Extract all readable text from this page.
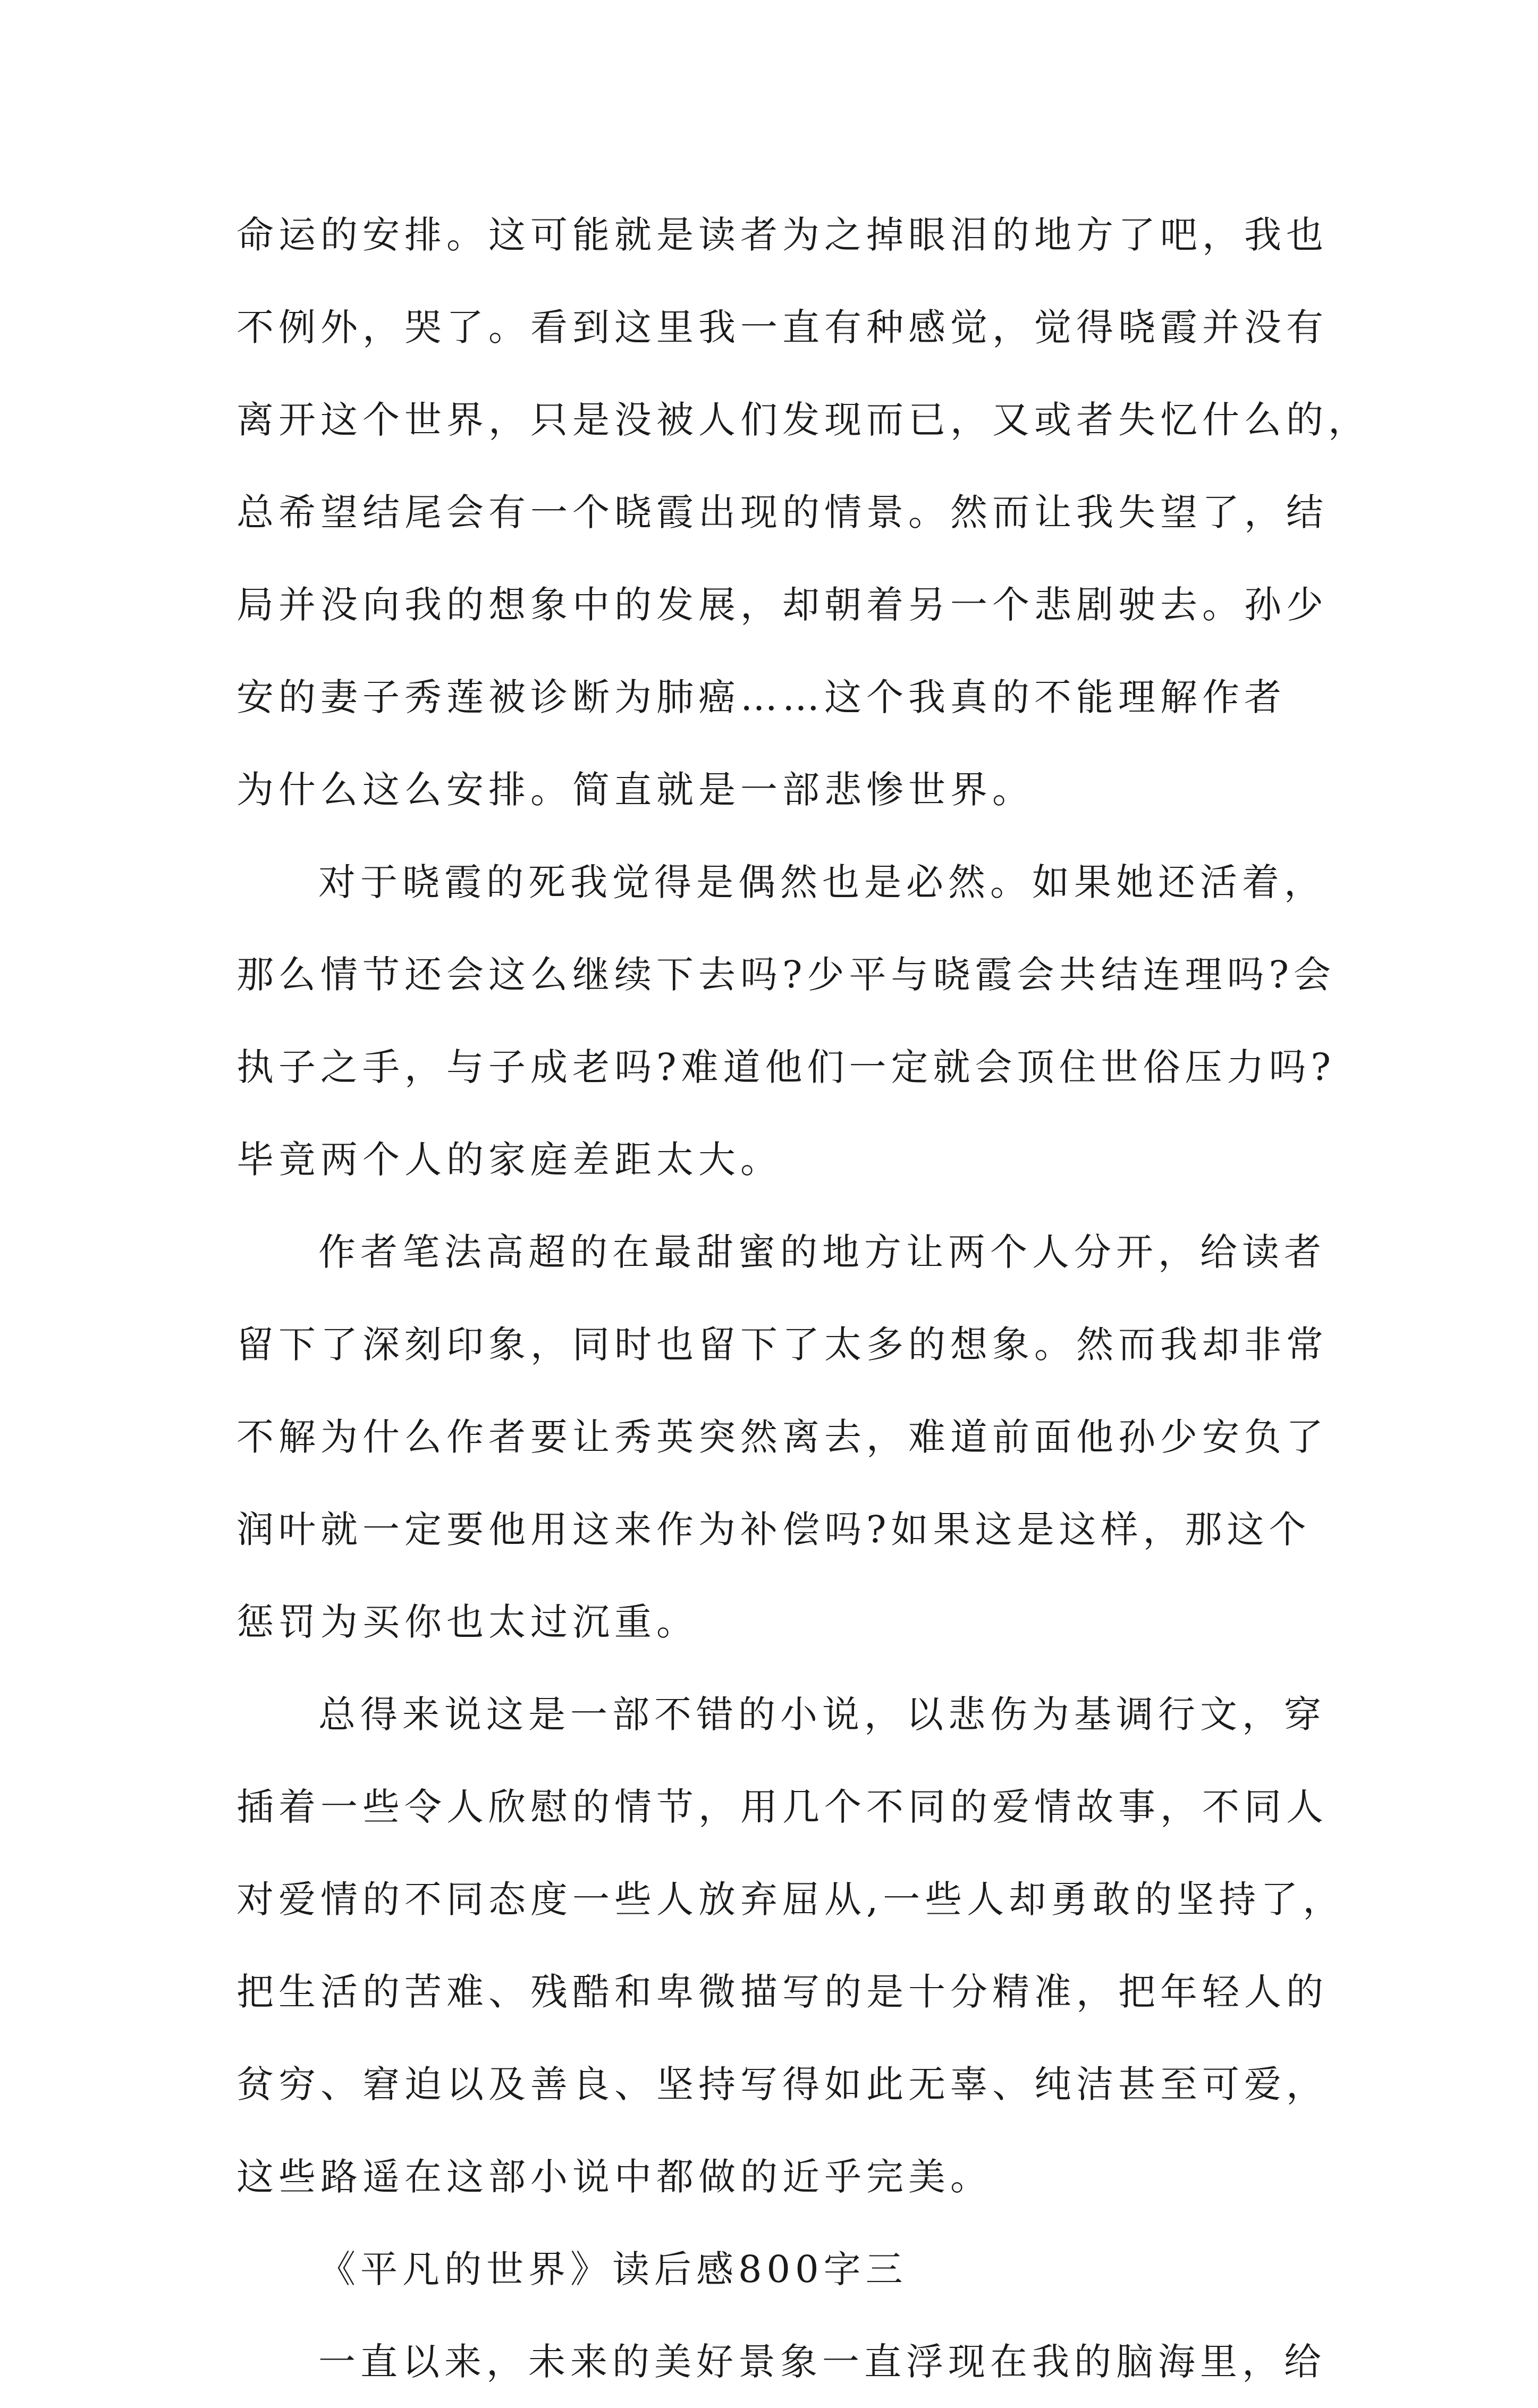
命运的安排。这可能就是读者为之掉眼泪的地方了吧，我也
不例外，哭了。看到这里我一直有种感觉，觉得晓霞并没有
离开这个世界，只是没被人们发现而已，又或者失忆什么的，
总希望结尾会有一个晓霞出现的情景。然而让我失望了，结
局并没向我的想象中的发展，却朝着另一个悲剧驶去。孙少
安的妻子秀莲被诊断为肺癌……这个我真的不能理解作者
为什么这么安排。简直就是一部悲惨世界。
对于晓霞的死我觉得是偶然也是必然。如果她还活着，
那么情节还会这么继续下去吗?少平与晓霞会共结连理吗?会
执子之手，与子成老吗?难道他们一定就会顶住世俗压力吗?
毕竟两个人的家庭差距太大。
作者笔法高超的在最甜蜜的地方让两个人分开，给读者
留下了深刻印象，同时也留下了太多的想象。然而我却非常
不解为什么作者要让秀英突然离去，难道前面他孙少安负了
润叶就一定要他用这来作为补偿吗?如果这是这样，那这个
惩罚为买你也太过沉重。
总得来说这是一部不错的小说，以悲伤为基调行文，穿
插着一些令人欣慰的情节，用几个不同的爱情故事，不同人
对爱情的不同态度一些人放弃屈从,一些人却勇敢的坚持了，
把生活的苦难、残酷和卑微描写的是十分精准，把年轻人的
贫穷、窘迫以及善良、坚持写得如此无辜、纯洁甚至可爱，
这些路遥在这部小说中都做的近乎完美。
《平凡的世界》读后感800字三
一直以来，未来的美好景象一直浮现在我的脑海里，给
